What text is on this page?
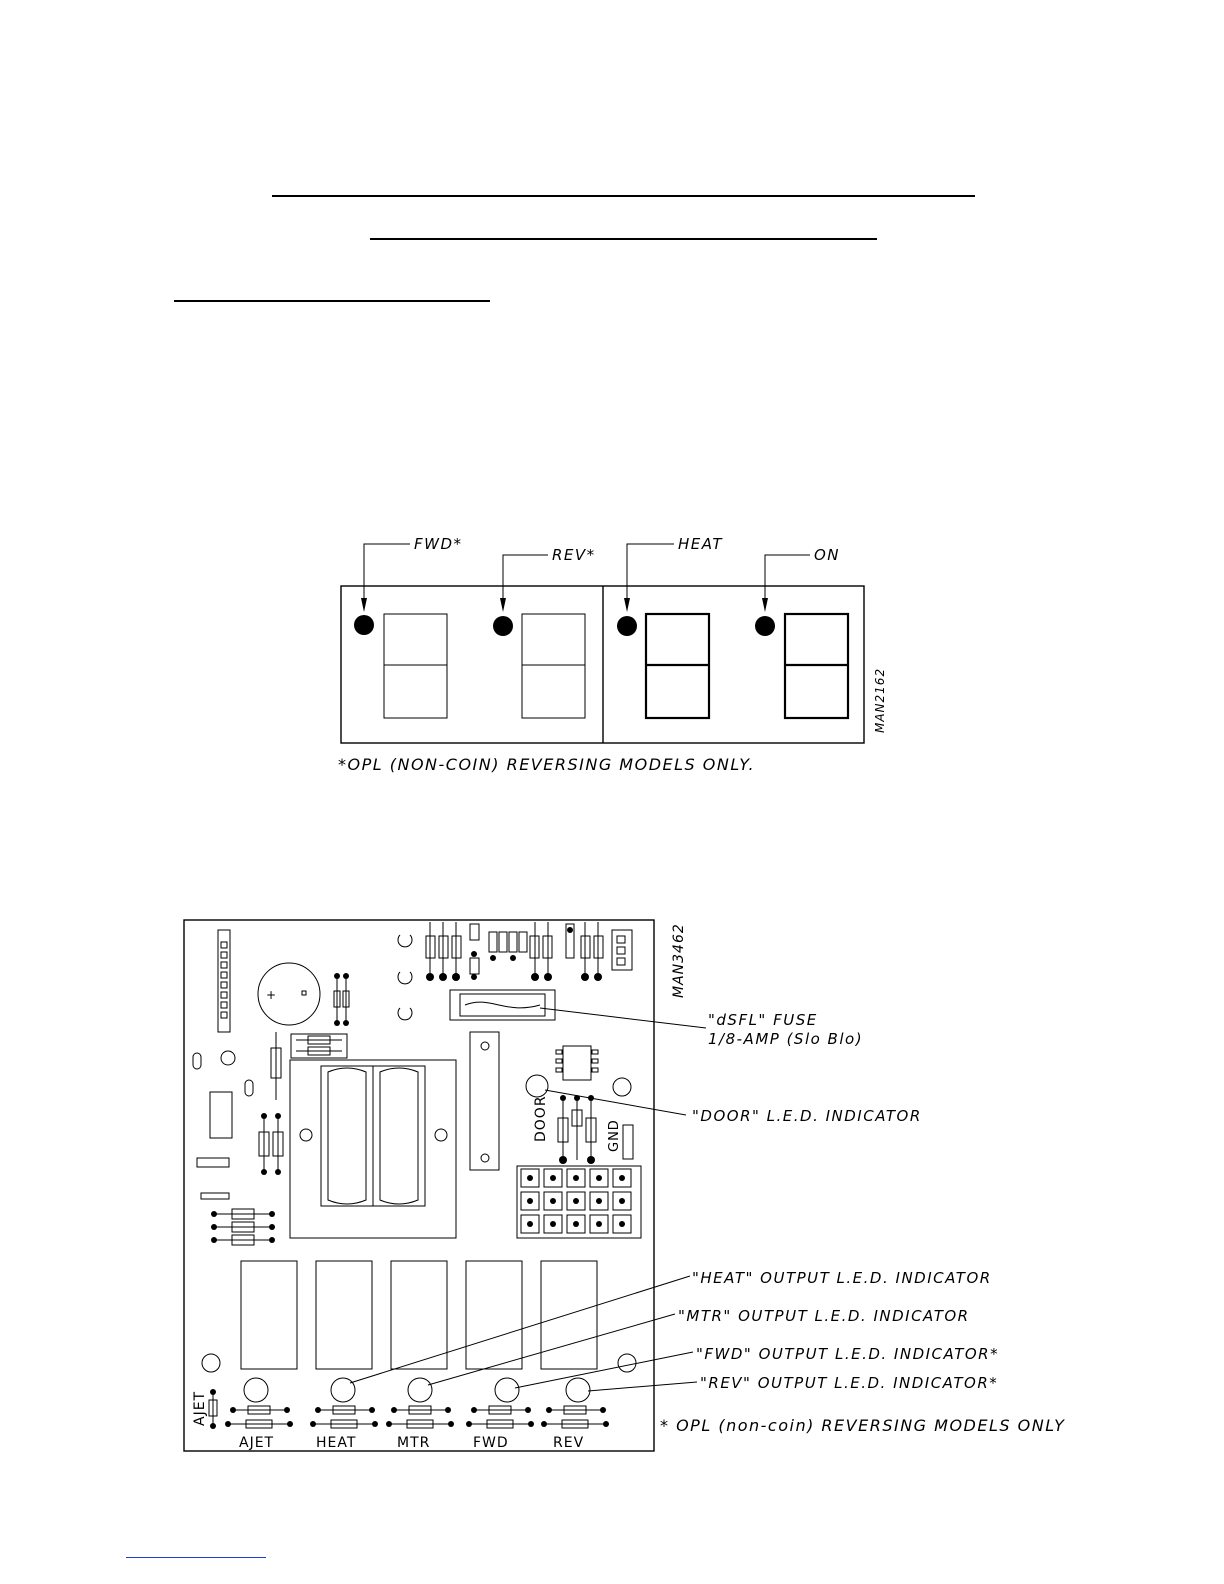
FWD*
REV*
HEAT
ON
MAN2162
*OPL (NON-COIN) REVERSING MODELS ONLY.
MAN3462
+
DOOR	GND
AJET
AJET	HEAT	MTR	FWD	REV
"dSFL" FUSE
1/8-AMP (Slo Blo)
"DOOR" L.E.D. INDICATOR
"HEAT" OUTPUT L.E.D. INDICATOR
"MTR" OUTPUT L.E.D. INDICATOR
"FWD" OUTPUT L.E.D. INDICATOR*
"REV" OUTPUT L.E.D. INDICATOR*
* OPL (non-coin) REVERSING MODELS ONLY
